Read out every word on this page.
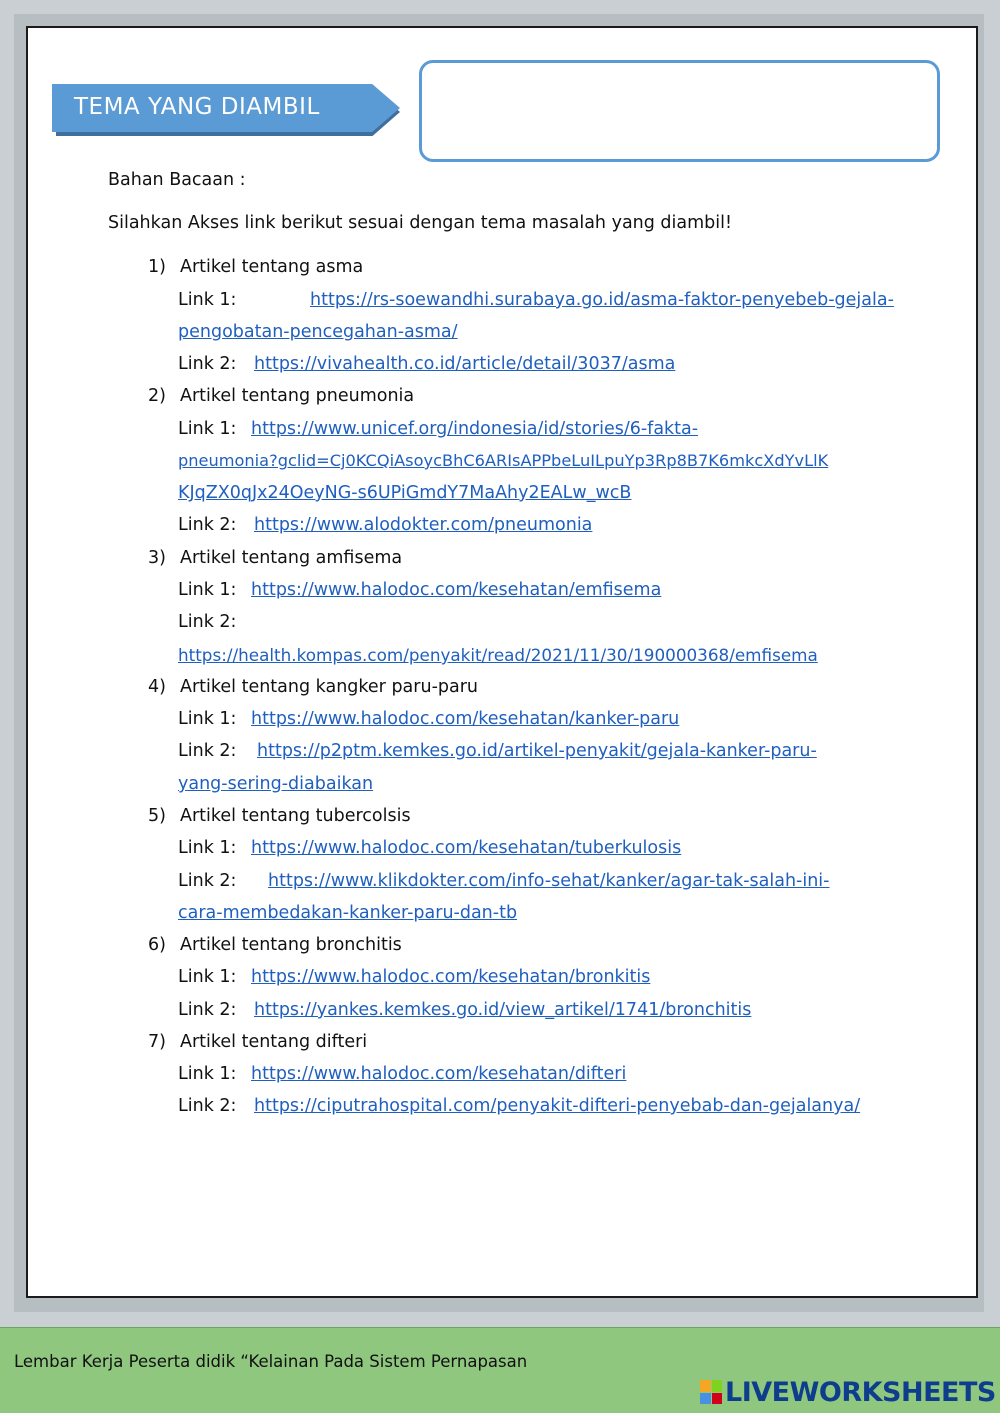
TEMA YANG DIAMBIL
Bahan Bacaan :
Silahkan Akses link berikut sesuai dengan tema masalah yang diambil!
1) Artikel tentang asma
Link 1:	https://rs-soewandhi.surabaya.go.id/asma-faktor-penyebeb-gejala-
pengobatan-pencegahan-asma/
Link 2: https://vivahealth.co.id/article/detail/3037/asma
2) Artikel tentang pneumonia
Link 1: https://www.unicef.org/indonesia/id/stories/6-fakta-
pneumonia?gclid=Cj0KCQiAsoycBhC6ARIsAPPbeLuILpuYp3Rp8B7K6mkcXdYvLlK
KJqZX0qJx24OeyNG-s6UPiGmdY7MaAhy2EALw_wcB
Link 2: https://www.alodokter.com/pneumonia
3) Artikel tentang amfisema
Link 1: https://www.halodoc.com/kesehatan/emfisema
Link 2:
https://health.kompas.com/penyakit/read/2021/11/30/190000368/emfisema
4) Artikel tentang kangker paru-paru
Link 1: https://www.halodoc.com/kesehatan/kanker-paru
Link 2: https://p2ptm.kemkes.go.id/artikel-penyakit/gejala-kanker-paru-
yang-sering-diabaikan
5) Artikel tentang tubercolsis
Link 1: https://www.halodoc.com/kesehatan/tuberkulosis
Link 2: https://www.klikdokter.com/info-sehat/kanker/agar-tak-salah-ini-
cara-membedakan-kanker-paru-dan-tb
6) Artikel tentang bronchitis
Link 1: https://www.halodoc.com/kesehatan/bronkitis
Link 2: https://yankes.kemkes.go.id/view_artikel/1741/bronchitis
7) Artikel tentang difteri
Link 1: https://www.halodoc.com/kesehatan/difteri
Link 2: https://ciputrahospital.com/penyakit-difteri-penyebab-dan-gejalanya/
Lembar Kerja Peserta didik “Kelainan Pada Sistem Pernapasan
LIVEWORKSHEETS
